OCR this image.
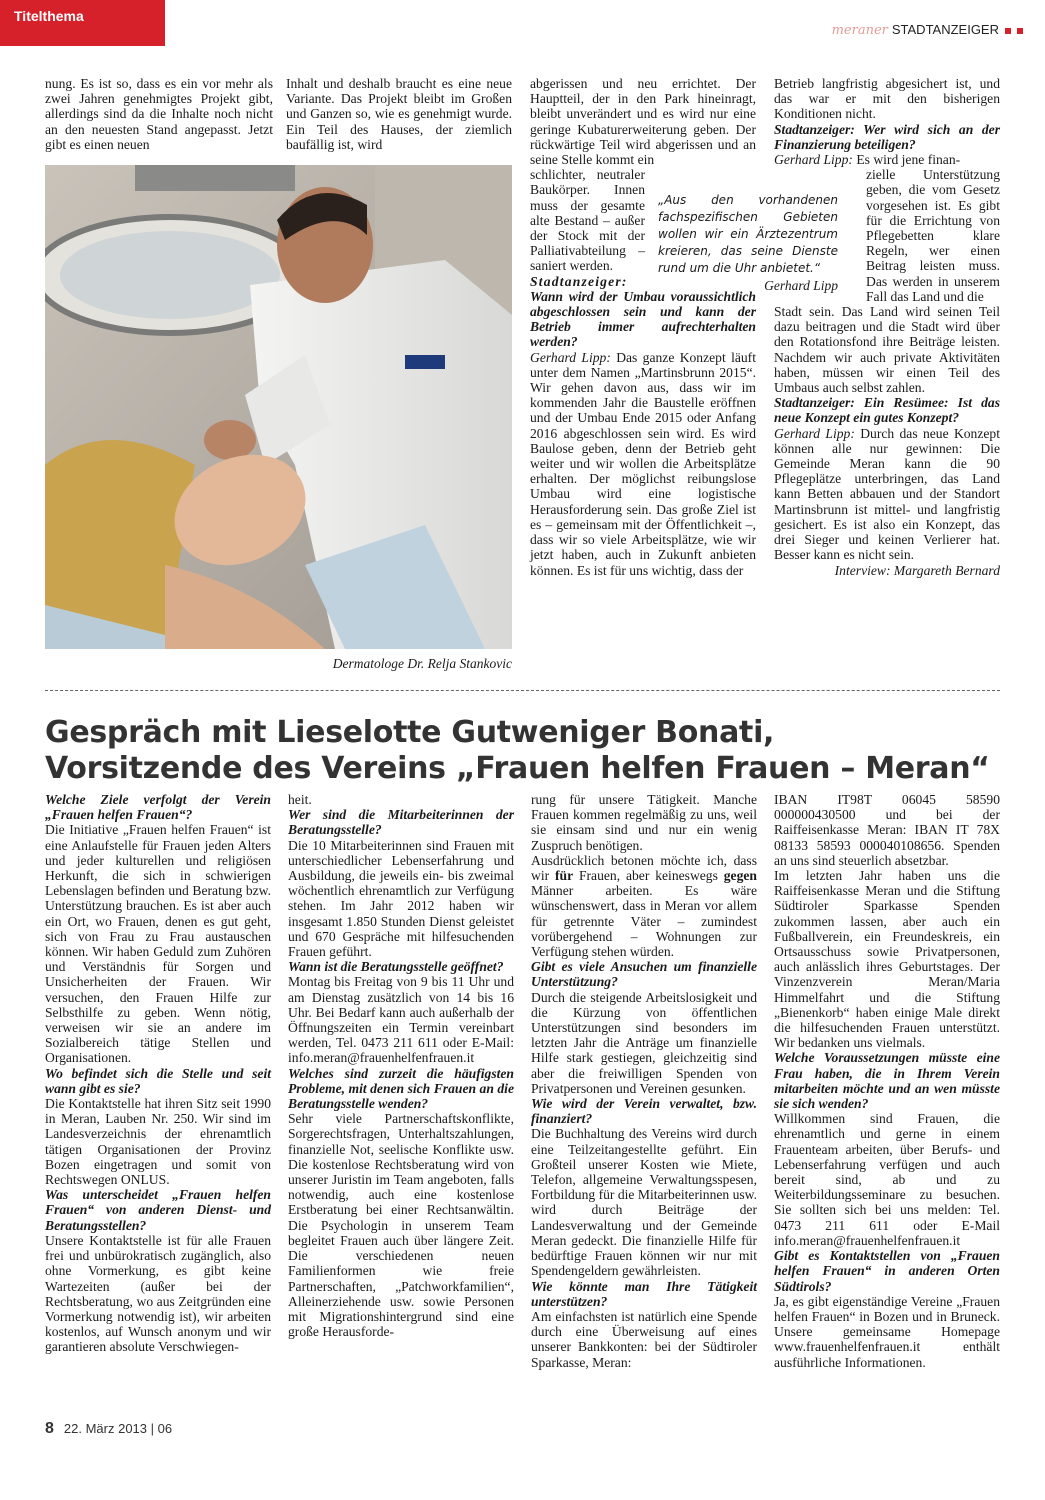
Titelthema
meraner STADTANZEIGER

nung. Es ist so, dass es ein vor mehr als zwei Jahren genehmigtes Projekt gibt, allerdings sind da die Inhalte noch nicht an den neuesten Stand angepasst. Jetzt gibt es einen neuen

Inhalt und deshalb braucht es eine neue Variante. Das Projekt bleibt im Großen und Ganzen so, wie es genehmigt wurde. Ein Teil des Hauses, der ziemlich baufällig ist, wird

Dermatologe Dr. Relja Stankovic

abgerissen und neu errichtet. Der Hauptteil, der in den Park hineinragt, bleibt unverändert und es wird nur eine geringe Kubaturerweiterung geben. Der rückwärtige Teil wird abgerissen und an seine Stelle kommt ein

schlichter, neutraler Baukörper. Innen muss der gesamte alte Bestand – außer der Stock mit der Palliativabteilung – saniert werden.

Stadtanzeiger:

Wann wird der Umbau voraussichtlich abgeschlossen sein und kann der Betrieb immer aufrechterhalten werden?

Gerhard Lipp: Das ganze Konzept läuft unter dem Namen „Martinsbrunn 2015“. Wir gehen davon aus, dass wir im kommenden Jahr die Baustelle eröffnen und der Umbau Ende 2015 oder Anfang 2016 abgeschlossen sein wird. Es wird Baulose geben, denn der Betrieb geht weiter und wir wollen die Arbeitsplätze erhalten. Der möglichst reibungslose Umbau wird eine logistische Herausforderung sein. Das große Ziel ist es – gemeinsam mit der Öffentlichkeit –, dass wir so viele Arbeitsplätze, wie wir jetzt haben, auch in Zukunft anbieten können. Es ist für uns wichtig, dass der

„Aus den vorhandenen fachspezifischen Gebieten wollen wir ein Ärztezentrum kreieren, das seine Dienste rund um die Uhr anbietet.“
Gerhard Lipp

Betrieb langfristig abgesichert ist, und das war er mit den bisherigen Konditionen nicht.

Stadtanzeiger: Wer wird sich an der Finanzierung beteiligen?

Gerhard Lipp: Es wird jene finan-

zielle Unterstützung geben, die vom Gesetz vorgesehen ist. Es gibt für die Errichtung von Pflegebetten klare Regeln, wer einen Beitrag leisten muss. Das werden in unserem Fall das Land und die

Stadt sein. Das Land wird seinen Teil dazu beitragen und die Stadt wird über den Rotationsfond ihre Beiträge leisten. Nachdem wir auch private Aktivitäten haben, müssen wir einen Teil des Umbaus auch selbst zahlen.

Stadtanzeiger: Ein Resümee: Ist das neue Konzept ein gutes Konzept?

Gerhard Lipp: Durch das neue Konzept können alle nur gewinnen: Die Gemeinde Meran kann die 90 Pflegeplätze unterbringen, das Land kann Betten abbauen und der Standort Martinsbrunn ist mittel- und langfristig gesichert. Es ist also ein Konzept, das drei Sieger und keinen Verlierer hat. Besser kann es nicht sein.

Interview: Margareth Bernard

Gespräch mit Lieselotte Gutweniger Bonati,
Vorsitzende des Vereins „Frauen helfen Frauen – Meran“

Welche Ziele verfolgt der Verein „Frauen helfen Frauen“?

Die Initiative „Frauen helfen Frauen“ ist eine Anlaufstelle für Frauen jeden Alters und jeder kulturellen und religiösen Herkunft, die sich in schwierigen Lebenslagen befinden und Beratung bzw. Unterstützung brauchen. Es ist aber auch ein Ort, wo Frauen, denen es gut geht, sich von Frau zu Frau austauschen können. Wir haben Geduld zum Zuhören und Verständnis für Sorgen und Unsicherheiten der Frauen. Wir versuchen, den Frauen Hilfe zur Selbsthilfe zu geben. Wenn nötig, verweisen wir sie an andere im Sozialbereich tätige Stellen und Organisationen.

Wo befindet sich die Stelle und seit wann gibt es sie?

Die Kontaktstelle hat ihren Sitz seit 1990 in Meran, Lauben Nr. 250. Wir sind im Landesverzeichnis der ehrenamtlich tätigen Organisationen der Provinz Bozen eingetragen und somit von Rechtswegen ONLUS.

Was unterscheidet „Frauen helfen Frauen“ von anderen Dienst- und Beratungsstellen?

Unsere Kontaktstelle ist für alle Frauen frei und unbürokratisch zugänglich, also ohne Vormerkung, es gibt keine Wartezeiten (außer bei der Rechtsberatung, wo aus Zeitgründen eine Vormerkung notwendig ist), wir arbeiten kostenlos, auf Wunsch anonym und wir garantieren absolute Verschwiegen-

heit.

Wer sind die Mitarbeiterinnen der Beratungsstelle?

Die 10 Mitarbeiterinnen sind Frauen mit unterschiedlicher Lebenserfahrung und Ausbildung, die jeweils ein- bis zweimal wöchentlich ehrenamtlich zur Verfügung stehen. Im Jahr 2012 haben wir insgesamt 1.850 Stunden Dienst geleistet und 670 Gespräche mit hilfesuchenden Frauen geführt.

Wann ist die Beratungsstelle geöffnet?

Montag bis Freitag von 9 bis 11 Uhr und am Dienstag zusätzlich von 14 bis 16 Uhr. Bei Bedarf kann auch außerhalb der Öffnungszeiten ein Termin vereinbart werden, Tel. 0473 211 611 oder E-Mail: info.meran@frauenhelfenfrauen.it

Welches sind zurzeit die häufigsten Probleme, mit denen sich Frauen an die Beratungsstelle wenden?

Sehr viele Partnerschaftskonflikte, Sorgerechtsfragen, Unterhaltszahlungen, finanzielle Not, seelische Konflikte usw. Die kostenlose Rechtsberatung wird von unserer Juristin im Team angeboten, falls notwendig, auch eine kostenlose Erstberatung bei einer Rechtsanwältin. Die Psychologin in unserem Team begleitet Frauen auch über längere Zeit. Die verschiedenen neuen Familienformen wie freie Partnerschaften, „Patchworkfamilien“, Alleinerziehende usw. sowie Personen mit Migrationshintergrund sind eine große Herausforde-

rung für unsere Tätigkeit. Manche Frauen kommen regelmäßig zu uns, weil sie einsam sind und nur ein wenig Zuspruch benötigen.

Ausdrücklich betonen möchte ich, dass wir für Frauen, aber keineswegs gegen Männer arbeiten. Es wäre wünschenswert, dass in Meran vor allem für getrennte Väter – zumindest vorübergehend – Wohnungen zur Verfügung stehen würden.

Gibt es viele Ansuchen um finanzielle Unterstützung?

Durch die steigende Arbeitslosigkeit und die Kürzung von öffentlichen Unterstützungen sind besonders im letzten Jahr die Anträge um finanzielle Hilfe stark gestiegen, gleichzeitig sind aber die freiwilligen Spenden von Privatpersonen und Vereinen gesunken.

Wie wird der Verein verwaltet, bzw. finanziert?

Die Buchhaltung des Vereins wird durch eine Teilzeitangestellte geführt. Ein Großteil unserer Kosten wie Miete, Telefon, allgemeine Verwaltungsspesen, Fortbildung für die Mitarbeiterinnen usw. wird durch Beiträge der Landesverwaltung und der Gemeinde Meran gedeckt. Die finanzielle Hilfe für bedürftige Frauen können wir nur mit Spendengeldern gewährleisten.

Wie könnte man Ihre Tätigkeit unterstützen?

Am einfachsten ist natürlich eine Spende durch eine Überweisung auf eines unserer Bankkonten: bei der Südtiroler Sparkasse, Meran:

IBAN IT98T 06045 58590 000000430500 und bei der Raiffeisenkasse Meran: IBAN IT 78X 08133 58593 000040108656. Spenden an uns sind steuerlich absetzbar.

Im letzten Jahr haben uns die Raiffeisenkasse Meran und die Stiftung Südtiroler Sparkasse Spenden zukommen lassen, aber auch ein Fußballverein, ein Freundeskreis, ein Ortsausschuss sowie Privatpersonen, auch anlässlich ihres Geburtstages. Der Vinzenzverein Meran/Maria Himmelfahrt und die Stiftung „Bienenkorb“ haben einige Male direkt die hilfesuchenden Frauen unterstützt. Wir bedanken uns vielmals.

Welche Voraussetzungen müsste eine Frau haben, die in Ihrem Verein mitarbeiten möchte und an wen müsste sie sich wenden?

Willkommen sind Frauen, die ehrenamtlich und gerne in einem Frauenteam arbeiten, über Berufs- und Lebenserfahrung verfügen und auch bereit sind, ab und zu Weiterbildungsseminare zu besuchen. Sie sollten sich bei uns melden: Tel. 0473 211 611 oder E-Mail info.meran@frauenhelfenfrauen.it

Gibt es Kontaktstellen von „Frauen helfen Frauen“ in anderen Orten Südtirols?

Ja, es gibt eigenständige Vereine „Frauen helfen Frauen“ in Bozen und in Bruneck. Unsere gemeinsame Homepage www.frauenhelfenfrauen.it enthält ausführliche Informationen.

8 22. März 2013 | 06
